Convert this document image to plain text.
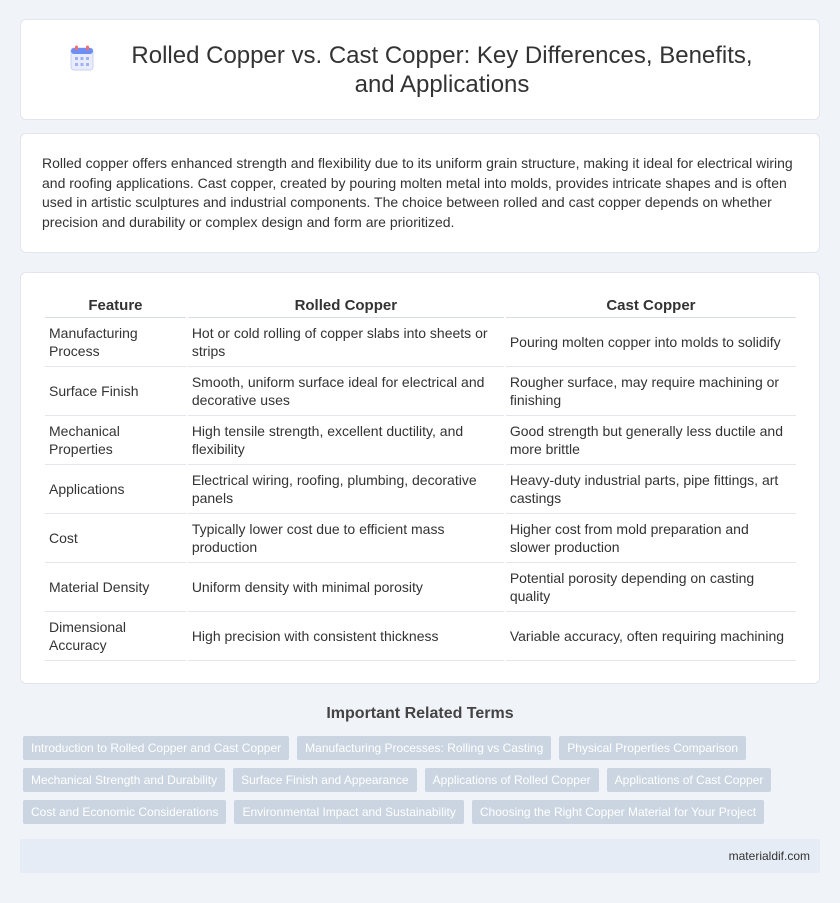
Rolled Copper vs. Cast Copper: Key Differences, Benefits, and Applications

Rolled copper offers enhanced strength and flexibility due to its uniform grain structure, making it ideal for electrical wiring and roofing applications. Cast copper, created by pouring molten metal into molds, provides intricate shapes and is often used in artistic sculptures and industrial components. The choice between rolled and cast copper depends on whether precision and durability or complex design and form are prioritized.

Feature	Rolled Copper	Cast Copper
Manufacturing Process	Hot or cold rolling of copper slabs into sheets or strips	Pouring molten copper into molds to solidify
Surface Finish	Smooth, uniform surface ideal for electrical and decorative uses	Rougher surface, may require machining or finishing
Mechanical Properties	High tensile strength, excellent ductility, and flexibility	Good strength but generally less ductile and more brittle
Applications	Electrical wiring, roofing, plumbing, decorative panels	Heavy-duty industrial parts, pipe fittings, art castings
Cost	Typically lower cost due to efficient mass production	Higher cost from mold preparation and slower production
Material Density	Uniform density with minimal porosity	Potential porosity depending on casting quality
Dimensional Accuracy	High precision with consistent thickness	Variable accuracy, often requiring machining
Important Related Terms
Introduction to Rolled Copper and Cast Copper	Manufacturing Processes: Rolling vs Casting	Physical Properties Comparison
Mechanical Strength and Durability	Surface Finish and Appearance	Applications of Rolled Copper	Applications of Cast Copper
Cost and Economic Considerations	Environmental Impact and Sustainability	Choosing the Right Copper Material for Your Project
materialdif.com
